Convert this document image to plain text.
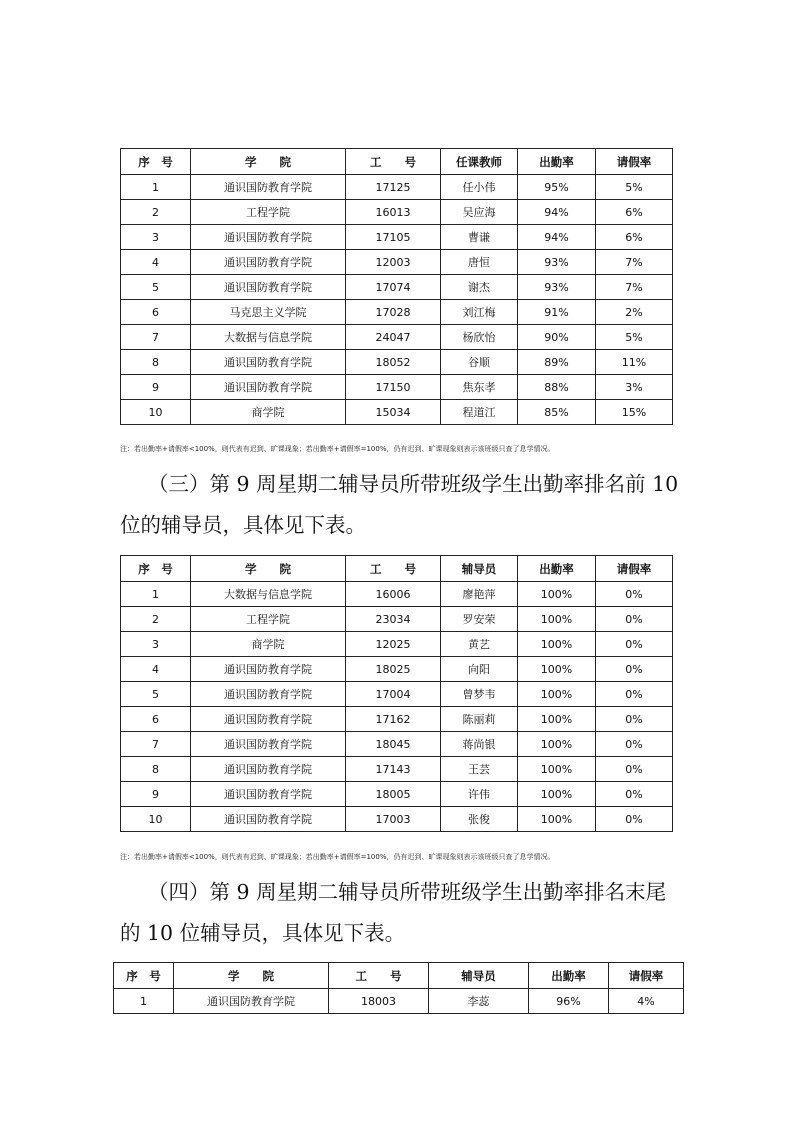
序　号	学　　院	工　　号	任课教师	出勤率	请假率
1	通识国防教育学院	17125	任小伟	95%	5%
2	工程学院	16013	吴应海	94%	6%
3	通识国防教育学院	17105	曹谦	94%	6%
4	通识国防教育学院	12003	唐恒	93%	7%
5	通识国防教育学院	17074	谢杰	93%	7%
6	马克思主义学院	17028	刘江梅	91%	2%
7	大数据与信息学院	24047	杨欣怡	90%	5%
8	通识国防教育学院	18052	谷顺	89%	11%
9	通识国防教育学院	17150	焦东孝	88%	3%
10	商学院	15034	程道江	85%	15%
注：若出勤率+请假率<100%，则代表有迟到、旷课现象；若出勤率+请假率=100%，仍有迟到、旷课现象则表示该班级只查了息学情况。

（三）第 9 周星期二辅导员所带班级学生出勤率排名前 10 位的辅导员，具体见下表。

序　号	学　　院	工　　号	辅导员	出勤率	请假率
1	大数据与信息学院	16006	廖艳萍	100%	0%
2	工程学院	23034	罗安荣	100%	0%
3	商学院	12025	黄艺	100%	0%
4	通识国防教育学院	18025	向阳	100%	0%
5	通识国防教育学院	17004	曾梦韦	100%	0%
6	通识国防教育学院	17162	陈丽莉	100%	0%
7	通识国防教育学院	18045	蒋尚银	100%	0%
8	通识国防教育学院	17143	王芸	100%	0%
9	通识国防教育学院	18005	许伟	100%	0%
10	通识国防教育学院	17003	张俊	100%	0%
注：若出勤率+请假率<100%，则代表有迟到、旷课现象；若出勤率+请假率=100%，仍有迟到、旷课现象则表示该班级只查了息学情况。

（四）第 9 周星期二辅导员所带班级学生出勤率排名末尾的 10 位辅导员，具体见下表。

序　号	学　　院	工　　号	辅导员	出勤率	请假率
1	通识国防教育学院	18003	李蕊	96%	4%
